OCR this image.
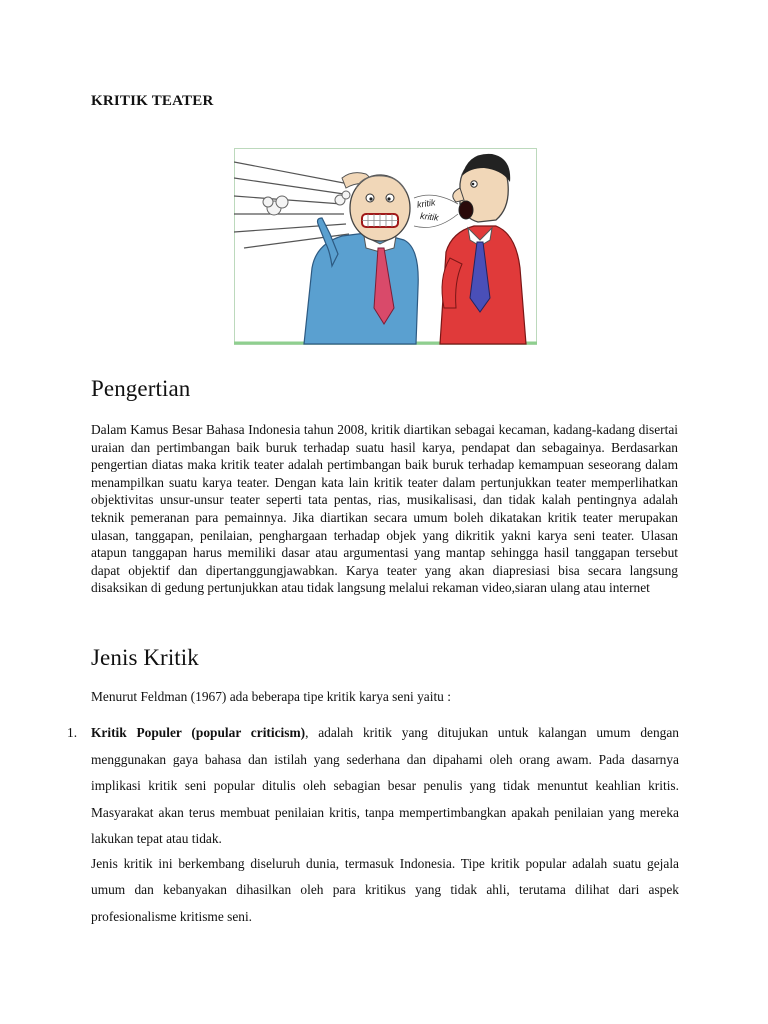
KRITIK TEATER
kritik
kritik
Pengertian

Dalam Kamus Besar Bahasa Indonesia tahun 2008, kritik diartikan sebagai kecaman, kadang-kadang disertai uraian dan pertimbangan baik buruk terhadap suatu hasil karya, pendapat dan sebagainya. Berdasarkan pengertian diatas maka kritik teater adalah pertimbangan baik buruk terhadap kemampuan seseorang dalam menampilkan suatu karya teater. Dengan kata lain kritik teater dalam pertunjukkan teater memperlihatkan objektivitas unsur-unsur teater seperti tata pentas, rias, musikalisasi, dan tidak kalah pentingnya adalah teknik pemeranan para pemainnya. Jika diartikan secara umum boleh dikatakan kritik teater merupakan ulasan, tanggapan, penilaian, penghargaan terhadap objek yang dikritik yakni karya seni teater. Ulasan atapun tanggapan harus memiliki dasar atau argumentasi yang mantap sehingga hasil tanggapan tersebut dapat objektif dan dipertanggungjawabkan. Karya teater yang akan diapresiasi bisa secara langsung disaksikan di gedung pertunjukkan atau tidak langsung melalui rekaman video,siaran ulang atau internet

Jenis Kritik

Menurut Feldman (1967) ada beberapa tipe kritik karya seni yaitu :

1. Kritik Populer (popular criticism), adalah kritik yang ditujukan untuk kalangan umum dengan menggunakan gaya bahasa dan istilah yang sederhana dan dipahami oleh orang awam. Pada dasarnya implikasi kritik seni popular ditulis oleh sebagian besar penulis yang tidak menuntut keahlian kritis. Masyarakat akan terus membuat penilaian kritis, tanpa mempertimbangkan apakah penilaian yang mereka lakukan tepat atau tidak.

Jenis kritik ini berkembang diseluruh dunia, termasuk Indonesia. Tipe kritik popular adalah suatu gejala umum dan kebanyakan dihasilkan oleh para kritikus yang tidak ahli, terutama dilihat dari aspek profesionalisme kritisme seni.
